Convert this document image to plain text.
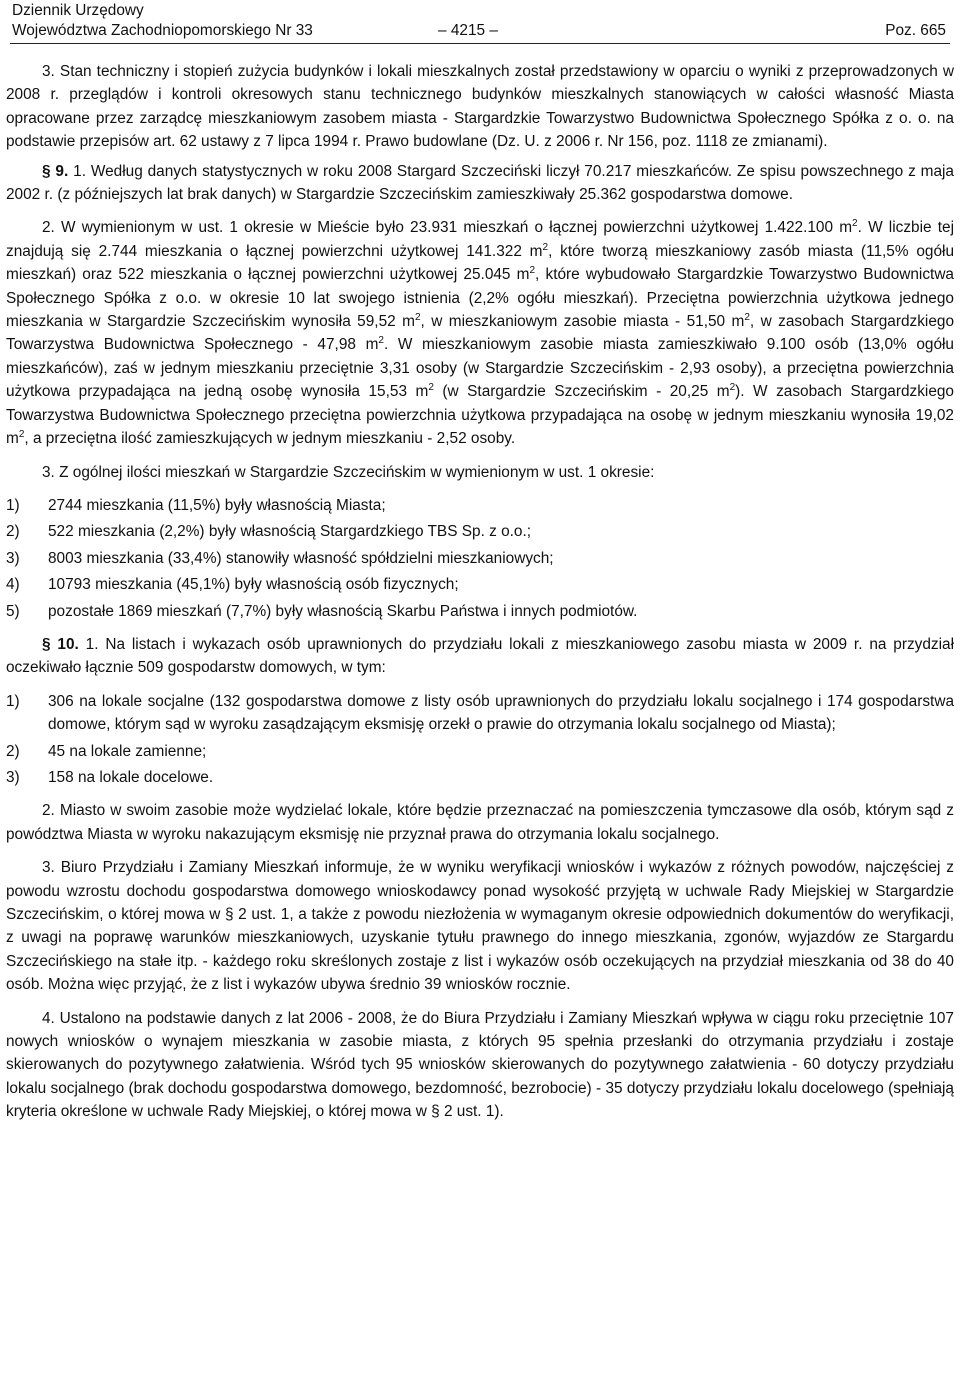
Dziennik Urzędowy
Województwa Zachodniopomorskiego Nr 33	– 4215 –	Poz. 665

3. Stan techniczny i stopień zużycia budynków i lokali mieszkalnych został przedstawiony w oparciu o wyniki z przeprowadzonych w 2008 r. przeglądów i kontroli okresowych stanu technicznego budynków mieszkalnych stanowiących w całości własność Miasta opracowane przez zarządcę mieszkaniowym zasobem miasta - Stargardzkie Towarzystwo Budownictwa Społecznego Spółka z o. o. na podstawie przepisów art. 62 ustawy z 7 lipca 1994 r. Prawo budowlane (Dz. U. z 2006 r. Nr 156, poz. 1118 ze zmianami).

§ 9. 1. Według danych statystycznych w roku 2008 Stargard Szczeciński liczył 70.217 mieszkańców. Ze spisu powszechnego z maja 2002 r. (z późniejszych lat brak danych) w Stargardzie Szczecińskim zamieszkiwały 25.362 gospodarstwa domowe.

2. W wymienionym w ust. 1 okresie w Mieście było 23.931 mieszkań o łącznej powierzchni użytkowej 1.422.100 $m^2$. W liczbie tej znajdują się 2.744 mieszkania o łącznej powierzchni użytkowej 141.322 $m^2$, które tworzą mieszkaniowy zasób miasta (11,5% ogółu mieszkań) oraz 522 mieszkania o łącznej powierzchni użytkowej 25.045 $m^2$, które wybudowało Stargardzkie Towarzystwo Budownictwa Społecznego Spółka z o.o. w okresie 10 lat swojego istnienia (2,2% ogółu mieszkań). Przeciętna powierzchnia użytkowa jednego mieszkania w Stargardzie Szczecińskim wynosiła 59,52 $m^2$, w mieszkaniowym zasobie miasta - 51,50 $m^2$, w zasobach Stargardzkiego Towarzystwa Budownictwa Społecznego - 47,98 $m^2$. W mieszkaniowym zasobie miasta zamieszkiwało 9.100 osób (13,0% ogółu mieszkańców), zaś w jednym mieszkaniu przeciętnie 3,31 osoby (w Stargardzie Szczecińskim - 2,93 osoby), a przeciętna powierzchnia użytkowa przypadająca na jedną osobę wynosiła 15,53 $m^2$ (w Stargardzie Szczecińskim - 20,25 $m^2$). W zasobach Stargardzkiego Towarzystwa Budownictwa Społecznego przeciętna powierzchnia użytkowa przypadająca na osobę w jednym mieszkaniu wynosiła 19,02 $m^2$, a przeciętna ilość zamieszkujących w jednym mieszkaniu - 2,52 osoby.

3. Z ogólnej ilości mieszkań w Stargardzie Szczecińskim w wymienionym w ust. 1 okresie:

1) 2744 mieszkania (11,5%) były własnością Miasta;
2) 522 mieszkania (2,2%) były własnością Stargardzkiego TBS Sp. z o.o.;
3) 8003 mieszkania (33,4%) stanowiły własność spółdzielni mieszkaniowych;
4) 10793 mieszkania (45,1%) były własnością osób fizycznych;
5) pozostałe 1869 mieszkań (7,7%) były własnością Skarbu Państwa i innych podmiotów.

§ 10. 1. Na listach i wykazach osób uprawnionych do przydziału lokali z mieszkaniowego zasobu miasta w 2009 r. na przydział oczekiwało łącznie 509 gospodarstw domowych, w tym:

1) 306 na lokale socjalne (132 gospodarstwa domowe z listy osób uprawnionych do przydziału lokalu socjalnego i 174 gospodarstwa domowe, którym sąd w wyroku zasądzającym eksmisję orzekł o prawie do otrzymania lokalu socjalnego od Miasta);
2) 45 na lokale zamienne;
3) 158 na lokale docelowe.

2. Miasto w swoim zasobie może wydzielać lokale, które będzie przeznaczać na pomieszczenia tymczasowe dla osób, którym sąd z powództwa Miasta w wyroku nakazującym eksmisję nie przyznał prawa do otrzymania lokalu socjalnego.

3. Biuro Przydziału i Zamiany Mieszkań informuje, że w wyniku weryfikacji wniosków i wykazów z różnych powodów, najczęściej z powodu wzrostu dochodu gospodarstwa domowego wnioskodawcy ponad wysokość przyjętą w uchwale Rady Miejskiej w Stargardzie Szczecińskim, o której mowa w § 2 ust. 1, a także z powodu niezłożenia w wymaganym okresie odpowiednich dokumentów do weryfikacji, z uwagi na poprawę warunków mieszkaniowych, uzyskanie tytułu prawnego do innego mieszkania, zgonów, wyjazdów ze Stargardu Szczecińskiego na stałe itp. - każdego roku skreślonych zostaje z list i wykazów osób oczekujących na przydział mieszkania od 38 do 40 osób. Można więc przyjąć, że z list i wykazów ubywa średnio 39 wniosków rocznie.

4. Ustalono na podstawie danych z lat 2006 - 2008, że do Biura Przydziału i Zamiany Mieszkań wpływa w ciągu roku przeciętnie 107 nowych wniosków o wynajem mieszkania w zasobie miasta, z których 95 spełnia przesłanki do otrzymania przydziału i zostaje skierowanych do pozytywnego załatwienia. Wśród tych 95 wniosków skierowanych do pozytywnego załatwienia - 60 dotyczy przydziału lokalu socjalnego (brak dochodu gospodarstwa domowego, bezdomność, bezrobocie) - 35 dotyczy przydziału lokalu docelowego (spełniają kryteria określone w uchwale Rady Miejskiej, o której mowa w § 2 ust. 1).
